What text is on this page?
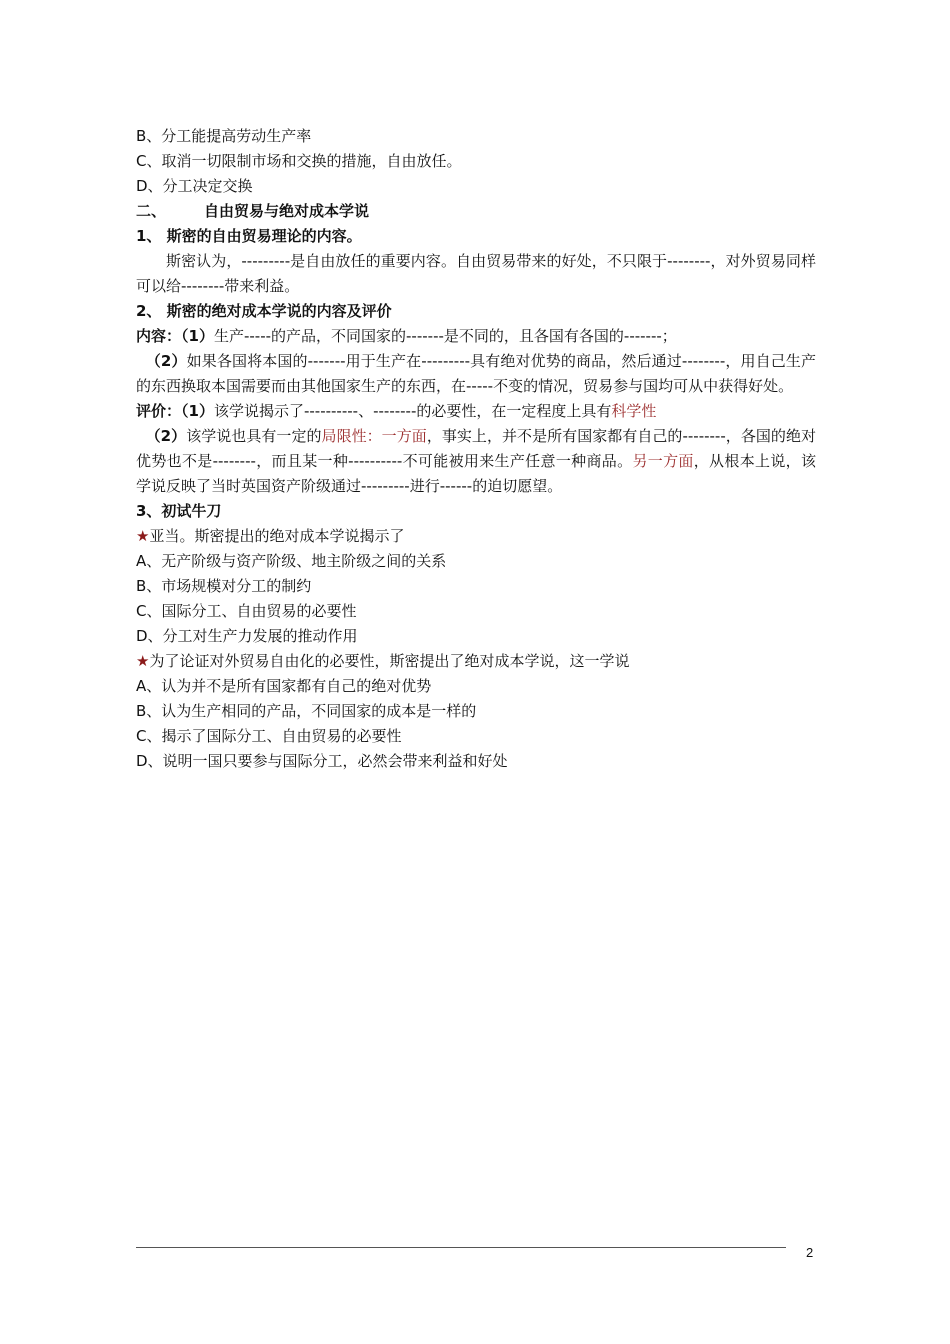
B、分工能提高劳动生产率
C、取消一切限制市场和交换的措施，自由放任。
D、分工决定交换
二、	自由贸易与绝对成本学说
1、 斯密的自由贸易理论的内容。
斯密认为，---------是自由放任的重要内容。自由贸易带来的好处，不只限于--------，对外贸易同样可以给--------带来利益。
2、 斯密的绝对成本学说的内容及评价
内容：（1）生产-----的产品，不同国家的-------是不同的，且各国有各国的-------；
（2）如果各国将本国的-------用于生产在---------具有绝对优势的商品，然后通过--------，用自己生产的东西换取本国需要而由其他国家生产的东西，在-----不变的情况，贸易参与国均可从中获得好处。
评价：（1）该学说揭示了----------、--------的必要性，在一定程度上具有科学性
（2）该学说也具有一定的局限性：一方面，事实上，并不是所有国家都有自己的--------，各国的绝对优势也不是--------，而且某一种----------不可能被用来生产任意一种商品。另一方面，从根本上说，该学说反映了当时英国资产阶级通过---------进行------的迫切愿望。
3、初试牛刀
★亚当。斯密提出的绝对成本学说揭示了
A、无产阶级与资产阶级、地主阶级之间的关系
B、市场规模对分工的制约
C、国际分工、自由贸易的必要性
D、分工对生产力发展的推动作用
★为了论证对外贸易自由化的必要性，斯密提出了绝对成本学说，这一学说
A、认为并不是所有国家都有自己的绝对优势
B、认为生产相同的产品，不同国家的成本是一样的
C、揭示了国际分工、自由贸易的必要性
D、说明一国只要参与国际分工，必然会带来利益和好处
2
